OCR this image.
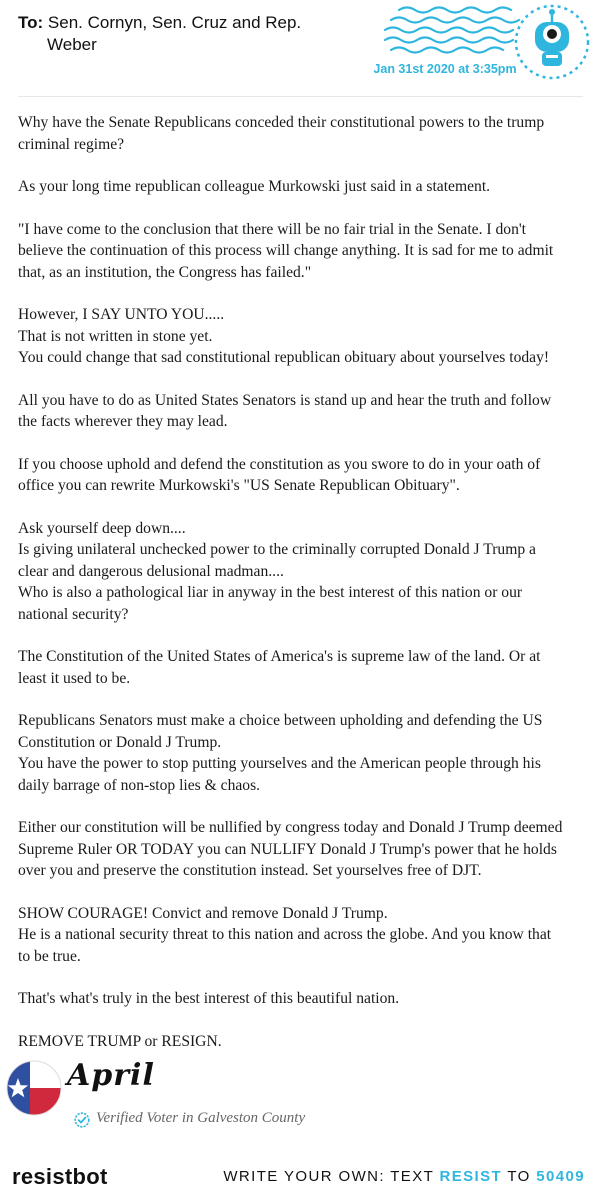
To: Sen. Cornyn, Sen. Cruz and Rep.
Weber
Jan 31st 2020 at 3:35pm
Why have the Senate Republicans conceded their constitutional powers to the trump
criminal regime?
As your long time republican colleague Murkowski just said in a statement.
"I have come to the conclusion that there will be no fair trial in the Senate. I don't
believe the continuation of this process will change anything. It is sad for me to admit
that, as an institution, the Congress has failed."
However, I SAY UNTO YOU.....
That is not written in stone yet.
You could change that sad constitutional republican obituary about yourselves today!
All you have to do as United States Senators is stand up and hear the truth and follow
the facts wherever they may lead.
If you choose uphold and defend the constitution as you swore to do in your oath of
office you can rewrite Murkowski's "US Senate Republican Obituary".
Ask yourself deep down....
Is giving unilateral unchecked power to the criminally corrupted Donald J Trump a
clear and dangerous delusional madman....
Who is also a pathological liar in anyway in the best interest of this nation or our
national security?
The Constitution of the United States of America's is supreme law of the land. Or at
least it used to be.
Republicans Senators must make a choice between upholding and defending the US
Constitution or Donald J Trump.
You have the power to stop putting yourselves and the American people through his
daily barrage of non-stop lies & chaos.
Either our constitution will be nullified by congress today and Donald J Trump deemed
Supreme Ruler OR TODAY you can NULLIFY Donald J Trump's power that he holds
over you and preserve the constitution instead. Set yourselves free of DJT.
SHOW COURAGE! Convict and remove Donald J Trump.
He is a national security threat to this nation and across the globe. And you know that
to be true.
That's what's truly in the best interest of this beautiful nation.
REMOVE TRUMP or RESIGN.
April
Verified Voter in Galveston County
resistbot	WRITE YOUR OWN: TEXT RESIST TO 50409
